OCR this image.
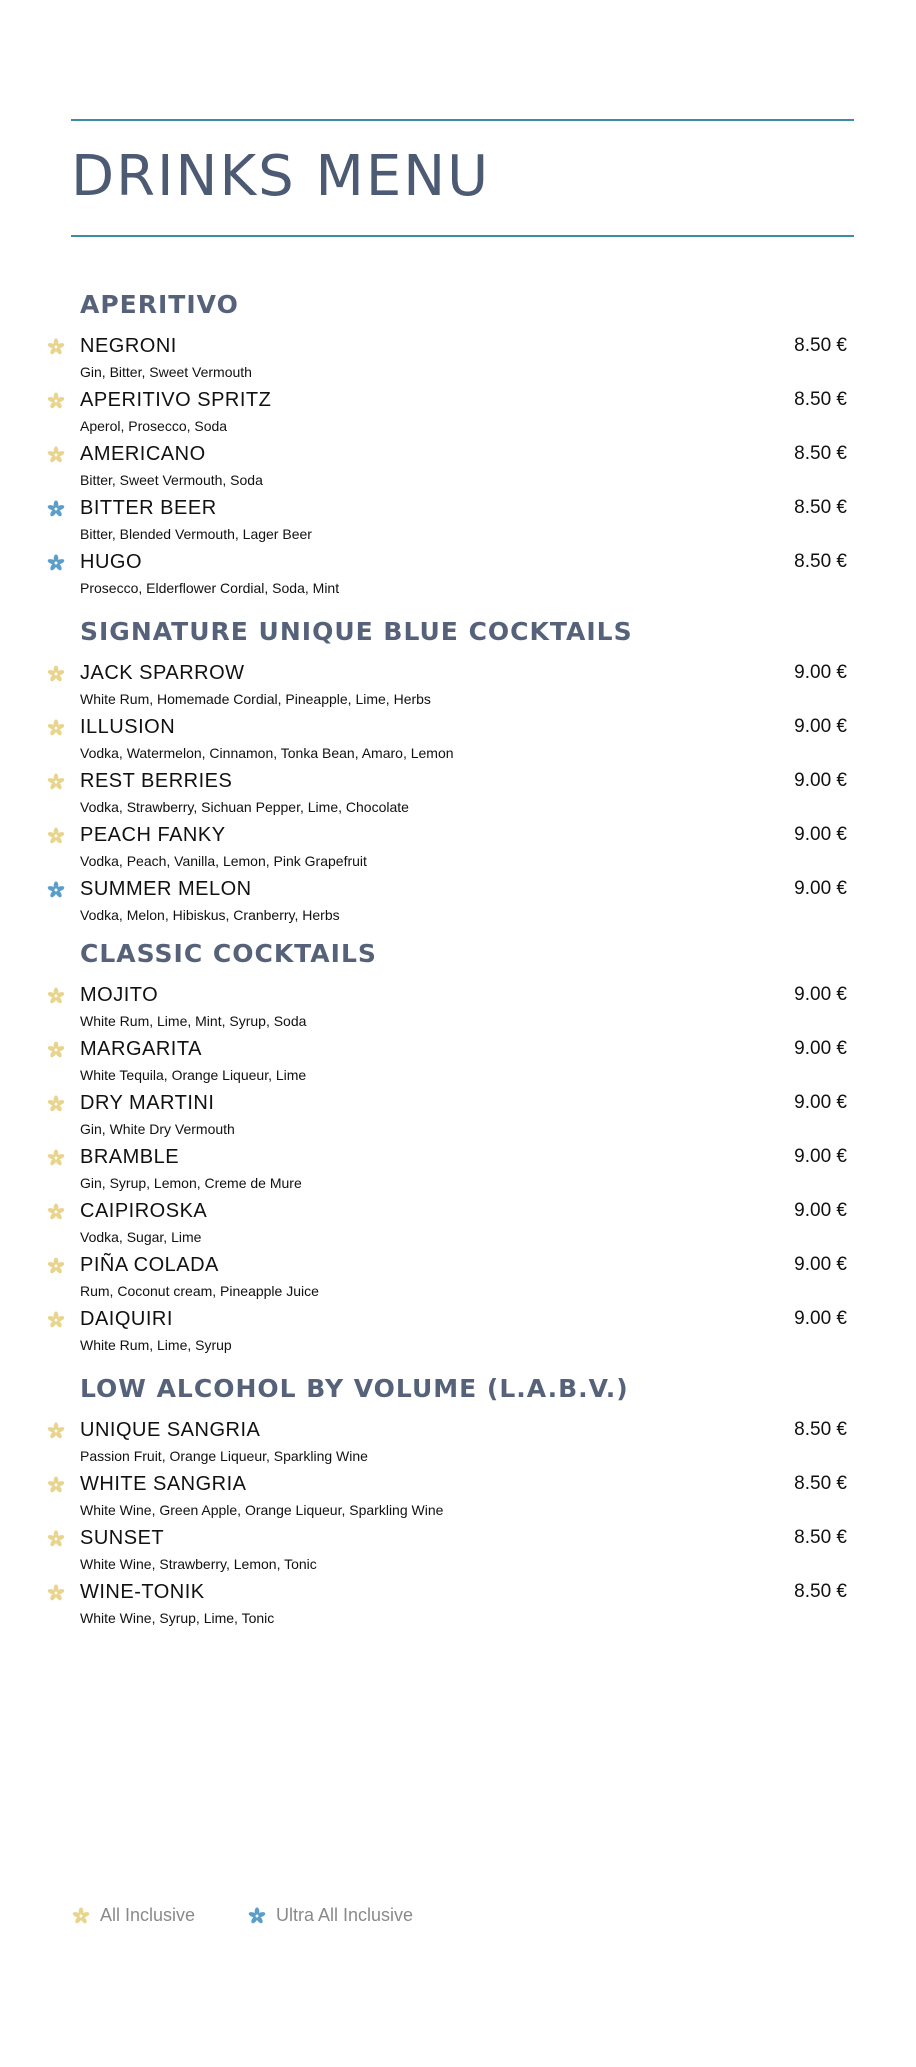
DRINKS MENU
APERITIVO
NEGRONI
Gin, Bitter, Sweet Vermouth
8.50 €
APERITIVO SPRITZ
Aperol, Prosecco, Soda
8.50 €
AMERICANO
Bitter, Sweet Vermouth, Soda
8.50 €
BITTER BEER
Bitter, Blended Vermouth, Lager Beer
8.50 €
HUGO
Prosecco, Elderflower Cordial, Soda, Mint
8.50 €
SIGNATURE UNIQUE BLUE COCKTAILS
JACK SPARROW
White Rum, Homemade Cordial, Pineapple, Lime, Herbs
9.00 €
ILLUSION
Vodka, Watermelon, Cinnamon, Tonka Bean, Amaro, Lemon
9.00 €
REST BERRIES
Vodka, Strawberry, Sichuan Pepper, Lime, Chocolate
9.00 €
PEACH FANKY
Vodka, Peach, Vanilla, Lemon, Pink Grapefruit
9.00 €
SUMMER MELON
Vodka, Melon, Hibiskus, Cranberry, Herbs
9.00 €
CLASSIC COCKTAILS
MOJITO
White Rum, Lime, Mint, Syrup, Soda
9.00 €
MARGARITA
White Tequila, Orange Liqueur, Lime
9.00 €
DRY MARTINI
Gin, White Dry Vermouth
9.00 €
BRAMBLE
Gin, Syrup, Lemon, Creme de Mure
9.00 €
CAIPIROSKA
Vodka, Sugar, Lime
9.00 €
PIÑA COLADA
Rum, Coconut cream, Pineapple Juice
9.00 €
DAIQUIRI
White Rum, Lime, Syrup
9.00 €
LOW ALCOHOL BY VOLUME (L.A.B.V.)
UNIQUE SANGRIA
Passion Fruit, Orange Liqueur, Sparkling Wine
8.50 €
WHITE SANGRIA
White Wine, Green Apple, Orange Liqueur, Sparkling Wine
8.50 €
SUNSET
White Wine, Strawberry, Lemon, Tonic
8.50 €
WINE-TONIK
White Wine, Syrup, Lime, Tonic
8.50 €
All Inclusive	Ultra All Inclusive
